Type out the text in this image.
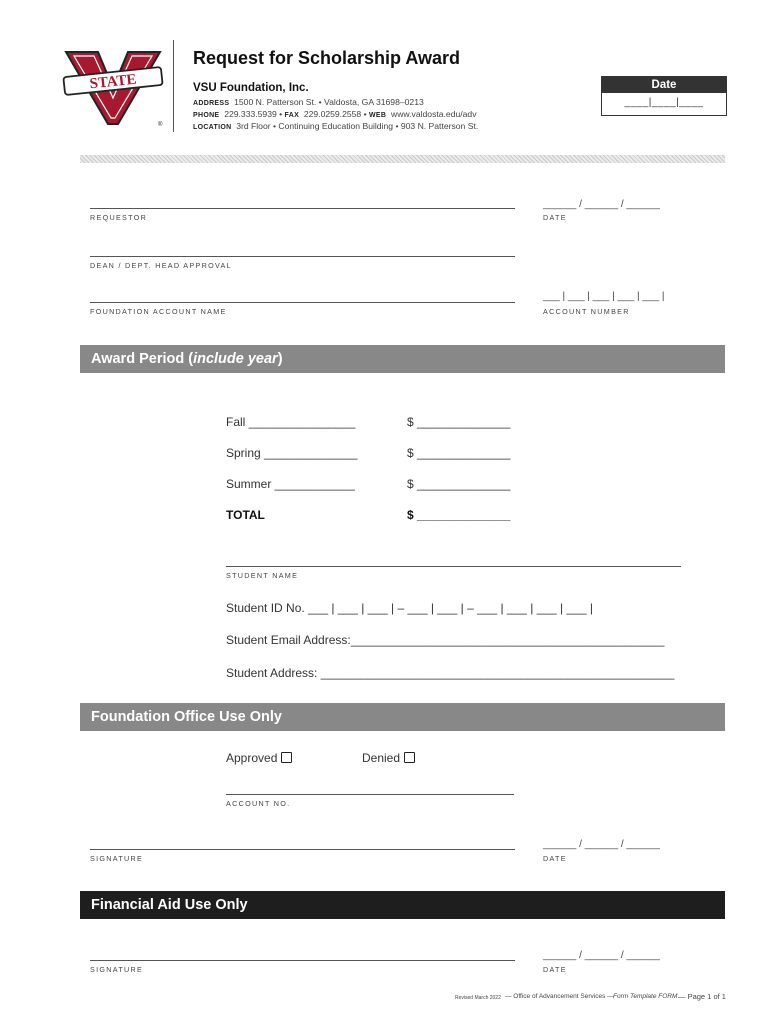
STATE
®
Request for Scholarship Award
VSU Foundation, Inc.
ADDRESS 1500 N. Patterson St. • Valdosta, GA 31698–0213
PHONE 229.333.5939 • FAX 229.0259.2558 • WEB www.valdosta.edu/adv
LOCATION 3rd Floor • Continuing Education Building • 903 N. Patterson St.
Date
____|____|____
REQUESTOR
______ / ______ / ______
DATE
DEAN / DEPT. HEAD APPROVAL
FOUNDATION ACCOUNT NAME
___ | ___ | ___ | ___ | ___ |
ACCOUNT NUMBER
Award Period (include year)
Fall ________________	$ ______________
Spring ______________	$ ______________
Summer ____________	$ ______________
TOTAL	$ ______________
STUDENT NAME
Student ID No. ___ | ___ | ___ | – ___ | ___ | – ___ | ___ | ___ | ___ |
Student Email Address:_______________________________________________
Student Address: _____________________________________________________
Foundation Office Use Only
Approved	Denied
ACCOUNT NO.
SIGNATURE
______ / ______ / ______
DATE
Financial Aid Use Only
SIGNATURE
______ / ______ / ______
DATE
Revised March 2022 — Office of Advancement Services — Form Template FORM — Page 1 of 1
